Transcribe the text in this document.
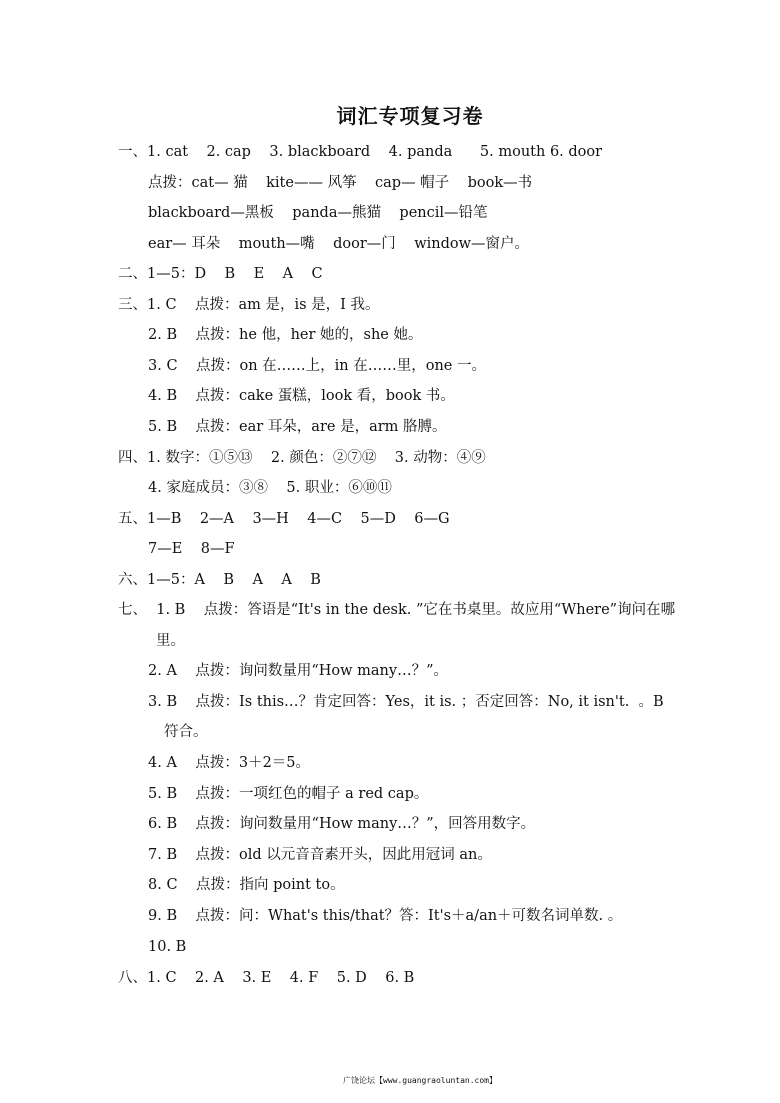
词汇专项复习卷
一、1. cat    2. cap    3. blackboard    4. panda      5. mouth 6. door
点拨：cat— 猫    kite—— 风筝    cap— 帽子    book—书
blackboard—黑板    panda—熊猫    pencil—铅笔
ear— 耳朵    mouth—嘴    door—门    window—窗户。
二、1—5：D    B    E    A    C
三、1. C    点拨：am 是，is 是，I 我。
2. B    点拨：he 他，her 她的，she 她。
3. C    点拨：on 在……上，in 在……里，one 一。
4. B    点拨：cake 蛋糕，look 看，book 书。
5. B    点拨：ear 耳朵，are 是，arm 胳膊。
四、1. 数字：①⑤⑬    2. 颜色：②⑦⑫    3. 动物：④⑨
4. 家庭成员：③⑧    5. 职业：⑥⑩⑪
五、1—B    2—A    3—H    4—C    5—D    6—G
7—E    8—F
六、1—5：A    B    A    A    B
七、  1. B    点拨：答语是“It's in the desk. ”它在书桌里。故应用“Where”询问在哪
里。
2. A    点拨：询问数量用“How many…？”。
3. B    点拨：Is this…？肯定回答：Yes，it is. ；否定回答：No, it isn't.  。B
符合。
4. A    点拨：3＋2＝5。
5. B    点拨：一项红色的帽子 a red cap。
6. B    点拨：询问数量用“How many…？”，回答用数字。
7. B    点拨：old 以元音音素开头，因此用冠词 an。
8. C    点拨：指向 point to。
9. B    点拨：问：What's this/that？答：It's＋a/an＋可数名词单数. 。
10. B
八、1. C    2. A    3. E    4. F    5. D    6. B
广饶论坛【www.guangraoluntan.com】
